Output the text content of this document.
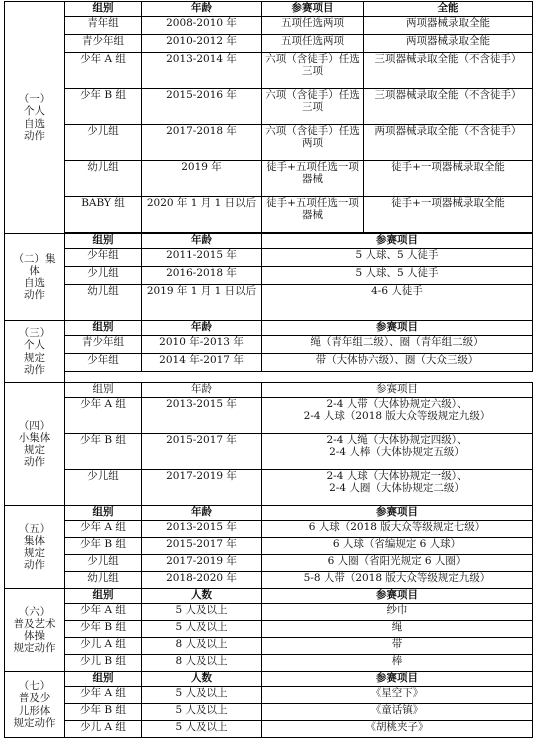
（一）
个人
自选
动作	组别	年龄	参赛项目	全能
	青年组	2008-2010 年	五项任选两项	两项器械录取全能
	青少年组	2010-2012 年	五项任选两项	两项器械录取全能
	少年 A 组	2013-2014 年	六项（含徒手）任选三项	三项器械录取全能（不含徒手）
	少年 B 组	2015-2016 年	六项（含徒手）任选三项	三项器械录取全能（不含徒手）
	少儿组	2017-2018 年	六项（含徒手）任选两项	两项器械录取全能（不含徒手）
	幼儿组	2019 年	徒手+五项任选一项器械	徒手+一项器械录取全能
	BABY 组	2020 年 1 月 1 日以后	徒手+五项任选一项器械	徒手+一项器械录取全能

（二）集
体
自选
动作	组别	年龄	参赛项目	
	少年组	2011-2015 年	5 人球、5 人徒手	
	少儿组	2016-2018 年	5 人球、5 人徒手	
	幼儿组	2019 年 1 月 1 日以后	4-6 人徒手	

（三）
个人
规定
动作	组别	年龄	参赛项目	
	青少年组	2010 年-2013 年	绳（青年组二级）、圈（青年组二级）	
	少年组	2014 年-2017 年	带（大体协六级）、圈（大众三级）	

（四）
小集体
规定
动作	组别	年龄	参赛项目	
	少年 A 组	2013-2015 年	2-4 人带（大体协规定六级）、
2-4 人球（2018 版大众等级规定九级）	

	少年 B 组	2015-2017 年	2-4 人绳（大体协规定四级）、
2-4 人棒（大体协规定五级）	

	少儿组	2017-2019 年	2-4 人球（大体协规定一级）、
2-4 人圈（大体协规定二级）	

（五）
集体
规定
动作	组别	年龄	参赛项目	
	少年 A 组	2013-2015 年	6 人球（2018 版大众等级规定七级）	
	少年 B 组	2015-2017 年	6 人球（省编规定 6 人球）	
	少儿组	2017-2019 年	6 人圈（省阳光规定 6 人圈）	
	幼儿组	2018-2020 年	5-8 人带（2018 版大众等级规定九级）	

（六）
普及艺术
体操
规定动作	组别	人数	参赛项目	
	少年 A 组	5 人及以上	纱巾	
	少年 B 组	5 人及以上	绳	
	少儿 A 组	8 人及以上	带	
	少儿 B 组	8 人及以上	棒	

（七）
普及少
儿形体
规定动作	组别	人数	参赛项目	
	少年 A 组	5 人及以上	《星空下》	
	少年 B 组	5 人及以上	《童话镇》	
	少儿 A 组	5 人及以上	《胡桃夹子》	
